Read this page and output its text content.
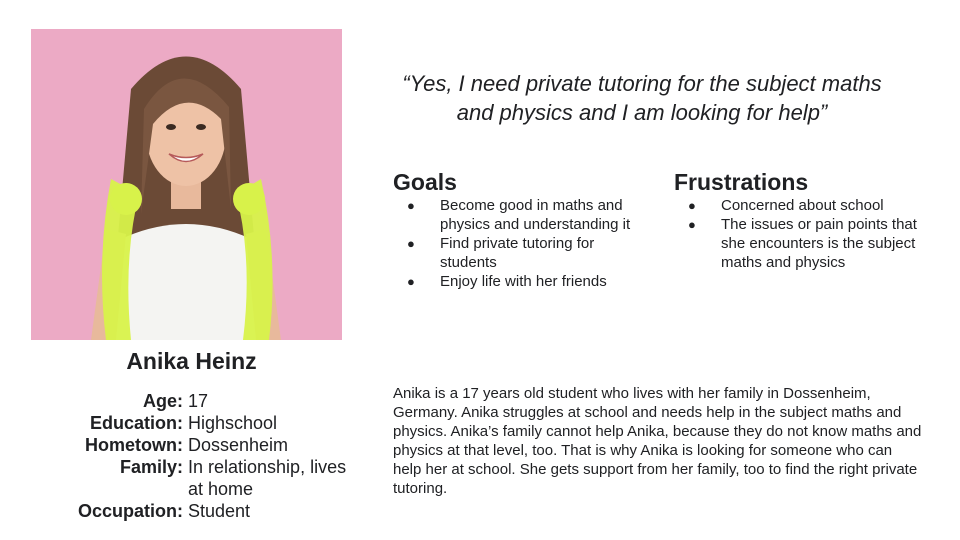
Anika Heinz
Age: 17
Education: Highschool
Hometown: Dossenheim
Family: In relationship, lives at home
Occupation: Student
“Yes, I need private tutoring for the subject maths and physics and I am looking for help”
Goals
● Become good in maths and physics and understanding it
● Find private tutoring for students
● Enjoy life with her friends
Frustrations
● Concerned about school
● The issues or pain points that she encounters is the subject maths and physics
Anika is a 17 years old student who lives with her family in Dossenheim, Germany. Anika struggles at school and needs help in the subject maths and physics. Anika’s family cannot help Anika, because they do not know maths and physics at that level, too. That is why Anika is looking for someone who can help her at school. She gets support from her family, too to find the right private tutoring.
